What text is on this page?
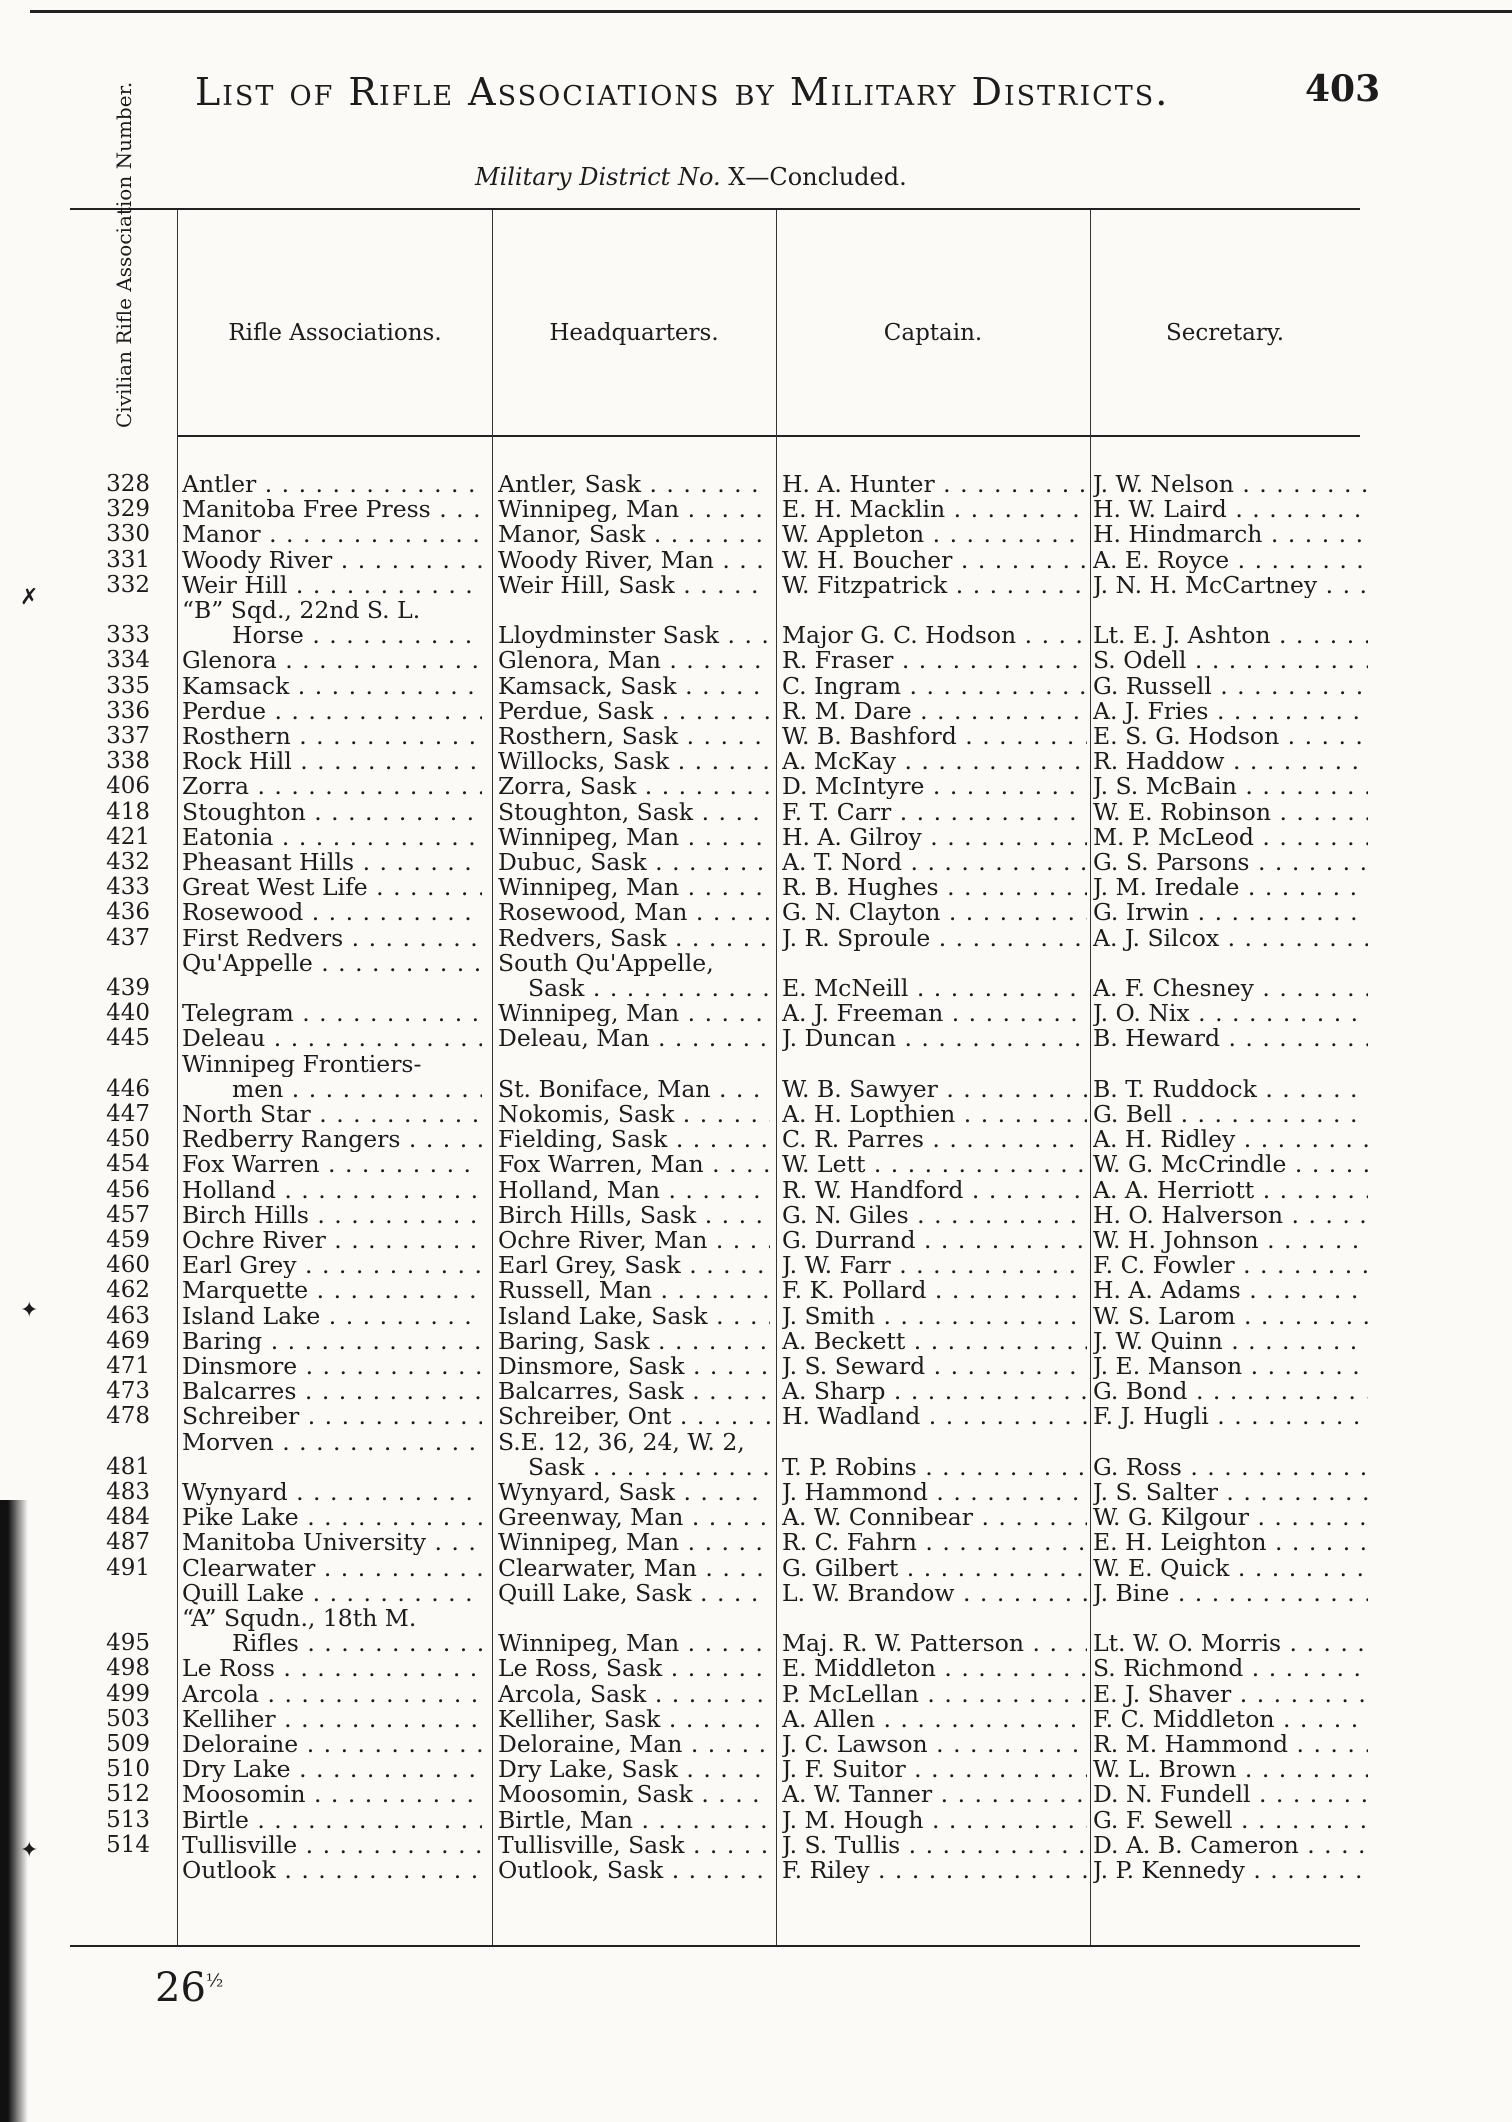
List of Rifle Associations by Military Districts.	403
Military District No. X—Concluded.
Civilian Rifle Association Number.	Rifle Associations.	Headquarters.	Captain.	Secretary.
328 Antler . . .	Antler, Sask . . .	H. A. Hunter . . .	J. W. Nelson . . .
329 Manitoba Free Press . . .	Winnipeg, Man . . .	E. H. Macklin . . .	H. W. Laird . . .
330 Manor . . .	Manor, Sask . . .	W. Appleton . . .	H. Hindmarch . . .
331 Woody River . . .	Woody River, Man . . .	W. H. Boucher . . .	A. E. Royce . . .
332 Weir Hill . . .	Weir Hill, Sask . . .	W. Fitzpatrick . . .	J. N. H. McCartney . . .
“B” Sqd., 22nd S. L.
333	Horse . . .	Lloydminster Sask . . .	Major G. C. Hodson . . .	Lt. E. J. Ashton . . .
334 Glenora . . .	Glenora, Man . . .	R. Fraser . . .	S. Odell . . .
335 Kamsack . . .	Kamsack, Sask . . .	C. Ingram . . .	G. Russell . . .
336 Perdue . . .	Perdue, Sask . . .	R. M. Dare . . .	A. J. Fries . . .
337 Rosthern . . .	Rosthern, Sask . . .	W. B. Bashford . . .	E. S. G. Hodson . . .
338 Rock Hill . . .	Willocks, Sask . . .	A. McKay . . .	R. Haddow . . .
406 Zorra . . .	Zorra, Sask . . .	D. McIntyre . . .	J. S. McBain . . .
418 Stoughton . . .	Stoughton, Sask . . .	F. T. Carr . . .	W. E. Robinson . . .
421 Eatonia . . .	Winnipeg, Man . . .	H. A. Gilroy . . .	M. P. McLeod . . .
432 Pheasant Hills . . .	Dubuc, Sask . . .	A. T. Nord . . .	G. S. Parsons . . .
433 Great West Life . . .	Winnipeg, Man . . .	R. B. Hughes . . .	J. M. Iredale . . .
436 Rosewood . . .	Rosewood, Man . . .	G. N. Clayton . . .	G. Irwin . . .
437 First Redvers . . .	Redvers, Sask . . .	J. R. Sproule . . .	A. J. Silcox . . .
Qu'Appelle . . .	South Qu'Appelle,
439	Sask . . .	E. McNeill . . .	A. F. Chesney . . .
440 Telegram . . .	Winnipeg, Man . . .	A. J. Freeman . . .	J. O. Nix . . .
445 Deleau . . .	Deleau, Man . . .	J. Duncan . . .	B. Heward . . .
Winnipeg Frontiers-
446	men . . .	St. Boniface, Man . . .	W. B. Sawyer . . .	B. T. Ruddock . . .
447 North Star . . .	Nokomis, Sask . . .	A. H. Lopthien . . .	G. Bell . . .
450 Redberry Rangers . . .	Fielding, Sask . . .	C. R. Parres . . .	A. H. Ridley . . .
454 Fox Warren . . .	Fox Warren, Man . . .	W. Lett . . .	W. G. McCrindle . . .
456 Holland . . .	Holland, Man . . .	R. W. Handford . . .	A. A. Herriott . . .
457 Birch Hills . . .	Birch Hills, Sask . . .	G. N. Giles . . .	H. O. Halverson . . .
459 Ochre River . . .	Ochre River, Man . . .	G. Durrand . . .	W. H. Johnson . . .
460 Earl Grey . . .	Earl Grey, Sask . . .	J. W. Farr . . .	F. C. Fowler . . .
462 Marquette . . .	Russell, Man . . .	F. K. Pollard . . .	H. A. Adams . . .
463 Island Lake . . .	Island Lake, Sask . . .	J. Smith . . .	W. S. Larom . . .
469 Baring . . .	Baring, Sask . . .	A. Beckett . . .	J. W. Quinn . . .
471 Dinsmore . . .	Dinsmore, Sask . . .	J. S. Seward . . .	J. E. Manson . . .
473 Balcarres . . .	Balcarres, Sask . . .	A. Sharp . . .	G. Bond . . .
478 Schreiber . . .	Schreiber, Ont . . .	H. Wadland . . .	F. J. Hugli . . .
Morven . . .	S.E. 12, 36, 24, W. 2,
481	Sask . . .	T. P. Robins . . .	G. Ross . . .
483 Wynyard . . .	Wynyard, Sask . . .	J. Hammond . . .	J. S. Salter . . .
484 Pike Lake . . .	Greenway, Man . . .	A. W. Connibear . . .	W. G. Kilgour . . .
487 Manitoba University . . .	Winnipeg, Man . . .	R. C. Fahrn . . .	E. H. Leighton . . .
491 Clearwater . . .	Clearwater, Man . . .	G. Gilbert . . .	W. E. Quick . . .
Quill Lake . . .	Quill Lake, Sask . . .	L. W. Brandow . . .	J. Bine . . .
“A” Squdn., 18th M.
495	Rifles . . .	Winnipeg, Man . . .	Maj. R. W. Patterson . . .	Lt. W. O. Morris . . .
498 Le Ross . . .	Le Ross, Sask . . .	E. Middleton . . .	S. Richmond . . .
499 Arcola . . .	Arcola, Sask . . .	P. McLellan . . .	E. J. Shaver . . .
503 Kelliher . . .	Kelliher, Sask . . .	A. Allen . . .	F. C. Middleton . . .
509 Deloraine . . .	Deloraine, Man . . .	J. C. Lawson . . .	R. M. Hammond . . .
510 Dry Lake . . .	Dry Lake, Sask . . .	J. F. Suitor . . .	W. L. Brown . . .
512 Moosomin . . .	Moosomin, Sask . . .	A. W. Tanner . . .	D. N. Fundell . . .
513 Birtle . . .	Birtle, Man . . .	J. M. Hough . . .	G. F. Sewell . . .
514 Tullisville . . .	Tullisville, Sask . . .	J. S. Tullis . . .	D. A. B. Cameron . . .
Outlook . . .	Outlook, Sask . . .	F. Riley . . .	J. P. Kennedy . . .
✗
✦
✦
$26^{\frac{1}{2}}$
